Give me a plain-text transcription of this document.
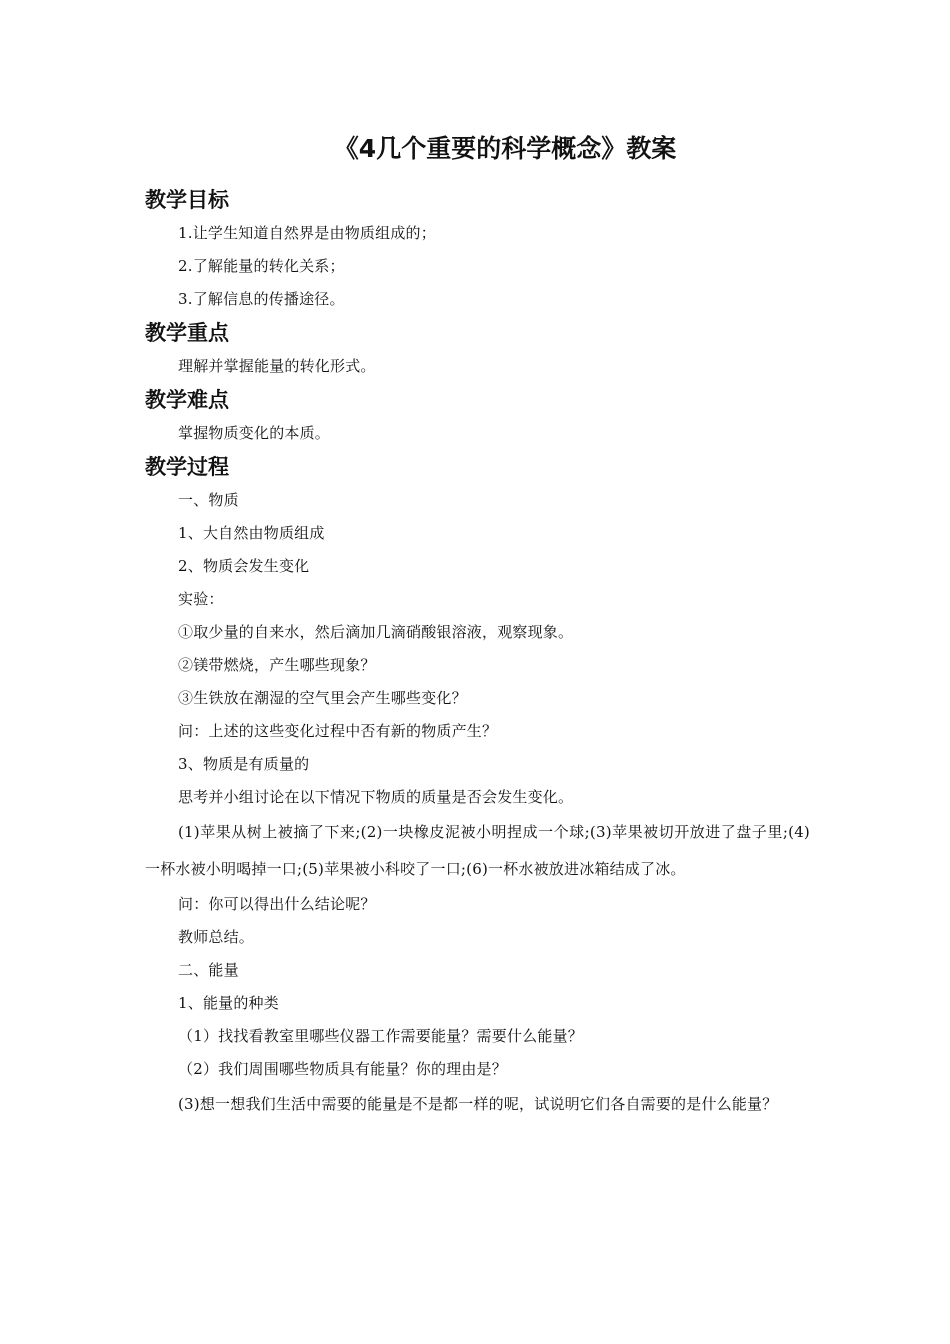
《4几个重要的科学概念》教案
教学目标

1.让学生知道自然界是由物质组成的；

2.了解能量的转化关系；

3.了解信息的传播途径。

教学重点

理解并掌握能量的转化形式。

教学难点

掌握物质变化的本质。

教学过程

一、物质

1、大自然由物质组成

2、物质会发生变化

实验：

①取少量的自来水，然后滴加几滴硝酸银溶液，观察现象。

②镁带燃烧，产生哪些现象？

③生铁放在潮湿的空气里会产生哪些变化？

问：上述的这些变化过程中否有新的物质产生？

3、物质是有质量的

思考并小组讨论在以下情况下物质的质量是否会发生变化。

(1)苹果从树上被摘了下来;(2)一块橡皮泥被小明捏成一个球;(3)苹果被切开放进了盘子里;(4)一杯水被小明喝掉一口;(5)苹果被小科咬了一口;(6)一杯水被放进冰箱结成了冰。

问：你可以得出什么结论呢？

教师总结。

二、能量

1、能量的种类

（1）找找看教室里哪些仪器工作需要能量？需要什么能量？

（2）我们周围哪些物质具有能量？你的理由是？

(3)想一想我们生活中需要的能量是不是都一样的呢，试说明它们各自需要的是什么能量？
